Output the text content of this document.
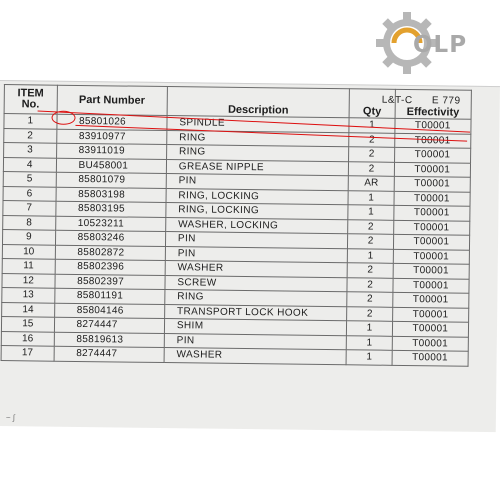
OLP
L&T-C E 779
ITEM
No.	Part Number	Description	Qty	Effectivity
1	85801026	SPINDLE	1	T00001
2	83910977	RING	2	T00001
3	83911019	RING	2	T00001
4	BU458001	GREASE NIPPLE	2	T00001
5	85801079	PIN	AR	T00001
6	85803198	RING, LOCKING	1	T00001
7	85803195	RING, LOCKING	1	T00001
8	10523211	WASHER, LOCKING	2	T00001
9	85803246	PIN	2	T00001
10	85802872	PIN	1	T00001
11	85802396	WASHER	2	T00001
12	85802397	SCREW	2	T00001
13	85801191	RING	2	T00001
14	85804146	TRANSPORT LOCK HOOK	2	T00001
15	8274447	SHIM	1	T00001
16	85819613	PIN	1	T00001
17	8274447	WASHER	1	T00001
~ ∫
